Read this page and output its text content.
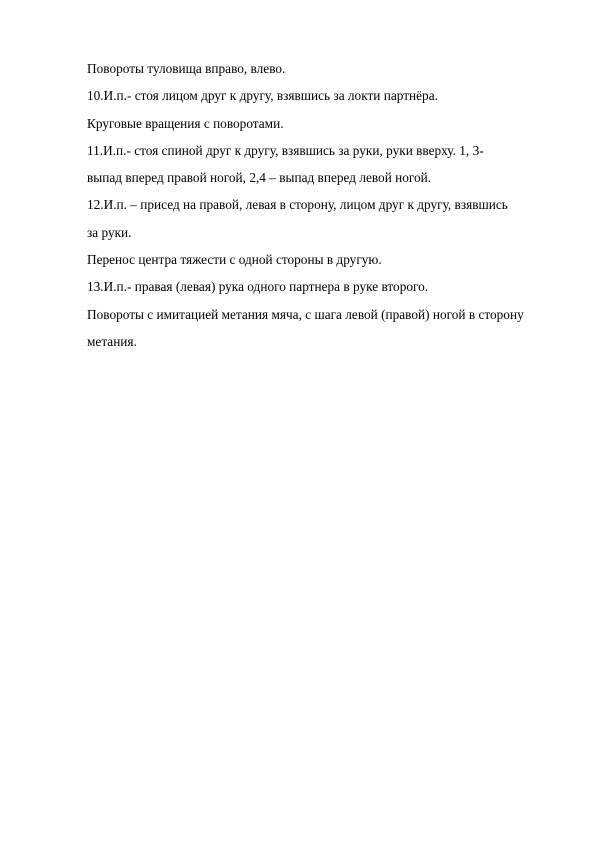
Повороты туловища вправо, влево.
10.И.п.- стоя лицом друг к другу, взявшись за локти партнёра.
Круговые вращения с поворотами.
11.И.п.- стоя спиной друг к другу, взявшись за руки, руки вверху. 1, 3-
выпад вперед правой ногой, 2,4 – выпад вперед левой ногой.
12.И.п. – присед на правой, левая в сторону, лицом друг к другу, взявшись
за руки.
Перенос центра тяжести с одной стороны в другую.
13.И.п.- правая (левая) рука одного партнера в руке второго.
Повороты с имитацией метания мяча, с шага левой (правой) ногой в сторону
метания.
